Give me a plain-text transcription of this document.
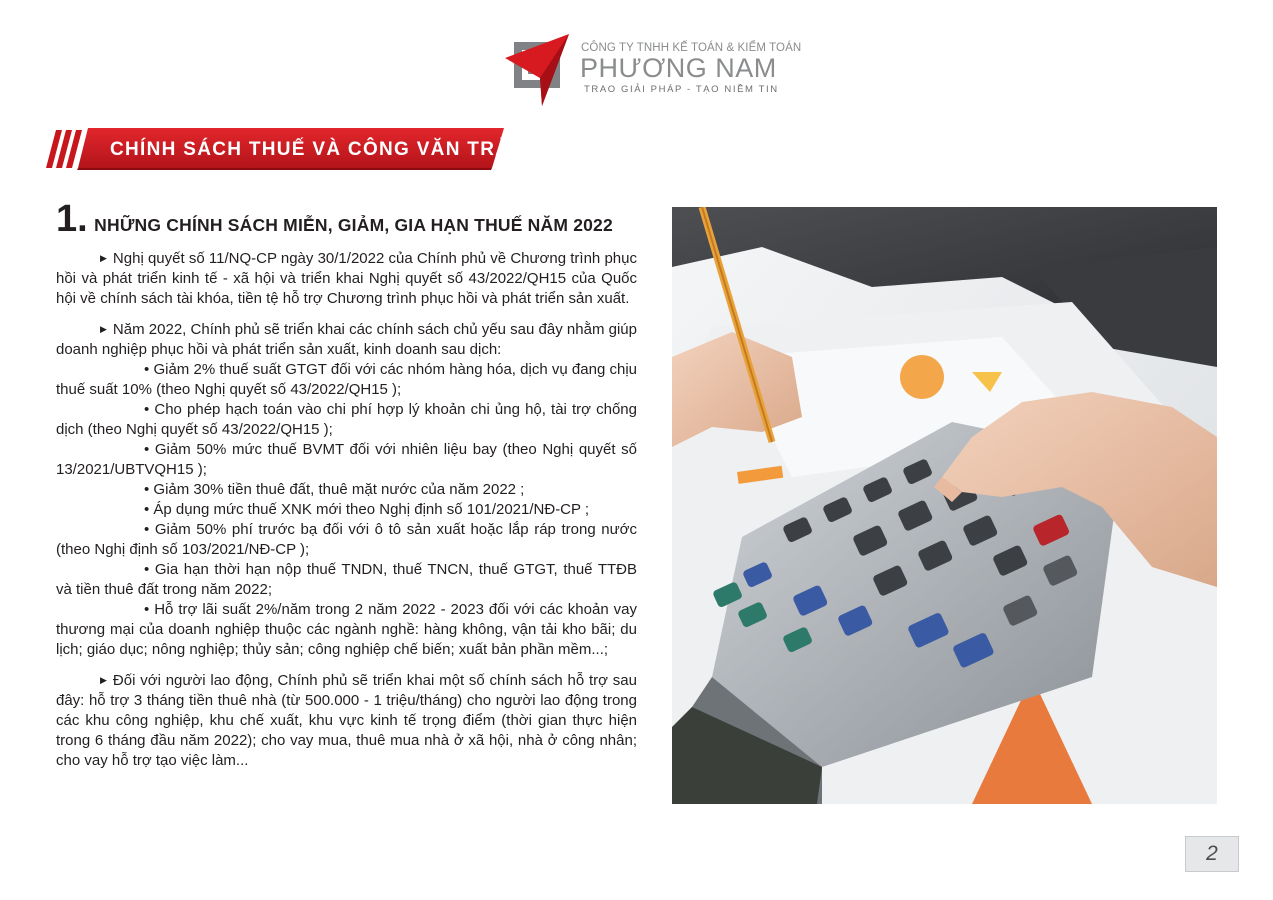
CÔNG TY TNHH KẾ TOÁN & KIỂM TOÁN
PHƯƠNG NAM
TRAO GIẢI PHÁP - TẠO NIỀM TIN
CHÍNH SÁCH THUẾ VÀ CÔNG VĂN TRẢ LỜI
1. NHỮNG CHÍNH SÁCH MIỄN, GIẢM, GIA HẠN THUẾ NĂM 2022

▶ Nghị quyết số 11/NQ-CP ngày 30/1/2022 của Chính phủ về Chương trình phục hồi và phát triển kinh tế - xã hội và triển khai Nghị quyết số 43/2022/QH15 của Quốc hội về chính sách tài khóa, tiền tệ hỗ trợ Chương trình phục hồi và phát triển sản xuất.

▶ Năm 2022, Chính phủ sẽ triển khai các chính sách chủ yếu sau đây nhằm giúp doanh nghiệp phục hồi và phát triển sản xuất, kinh doanh sau dịch:

• Giảm 2% thuế suất GTGT đối với các nhóm hàng hóa, dịch vụ đang chịu thuế suất 10% (theo Nghị quyết số 43/2022/QH15 );

• Cho phép hạch toán vào chi phí hợp lý khoản chi ủng hộ, tài trợ chống dịch (theo Nghị quyết số 43/2022/QH15 );

• Giảm 50% mức thuế BVMT đối với nhiên liệu bay (theo Nghị quyết số 13/2021/UBTVQH15 );

• Giảm 30% tiền thuê đất, thuê mặt nước của năm 2022 ;

• Áp dụng mức thuế XNK mới theo Nghị định số 101/2021/NĐ-CP ;

• Giảm 50% phí trước bạ đối với ô tô sản xuất hoặc lắp ráp trong nước (theo Nghị định số 103/2021/NĐ-CP );

• Gia hạn thời hạn nộp thuế TNDN, thuế TNCN, thuế GTGT, thuế TTĐB và tiền thuê đất trong năm 2022;

• Hỗ trợ lãi suất 2%/năm trong 2 năm 2022 - 2023 đối với các khoản vay thương mại của doanh nghiệp thuộc các ngành nghề: hàng không, vận tải kho bãi; du lịch; giáo dục; nông nghiệp; thủy sản; công nghiệp chế biến; xuất bản phần mềm...;

▶ Đối với người lao động, Chính phủ sẽ triển khai một số chính sách hỗ trợ sau đây: hỗ trợ 3 tháng tiền thuê nhà (từ 500.000 - 1 triệu/tháng) cho người lao động trong các khu công nghiệp, khu chế xuất, khu vực kinh tế trọng điểm (thời gian thực hiện trong 6 tháng đầu năm 2022); cho vay mua, thuê mua nhà ở xã hội, nhà ở công nhân; cho vay hỗ trợ tạo việc làm...

2
